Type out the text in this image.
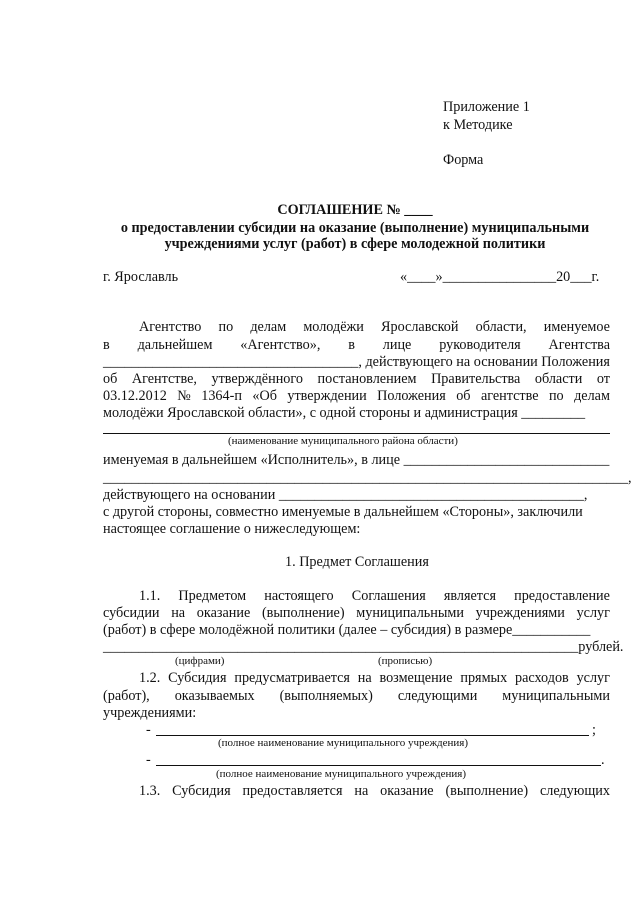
Приложение 1
к Методике
Форма
СОГЛАШЕНИЕ № ____
о предоставлении субсидии на оказание (выполнение) муниципальными
учреждениями услуг (работ) в сфере молодежной политики
г. Ярославль	«____»________________20___г.
Агентство по делам молодёжи Ярославской области, именуемое
в дальнейшем «Агентство», в лице руководителя Агентства
____________________________________, действующего на основании Положения
об Агентстве, утверждённого постановлением Правительства области от
03.12.2012 № 1364-п «Об утверждении Положения об агентстве по делам
молодёжи Ярославской области», с одной стороны и администрация _________
(наименование муниципального района области)
именуемая в дальнейшем «Исполнитель», в лице _____________________________
__________________________________________________________________________,
действующего на основании ___________________________________________,
с другой стороны, совместно именуемые в дальнейшем «Стороны», заключили
настоящее соглашение о нижеследующем:
1. Предмет Соглашения
1.1. Предметом настоящего Соглашения является предоставление
субсидии на оказание (выполнение) муниципальными учреждениями услуг
(работ) в сфере молодёжной политики (далее – субсидия) в размере___________
___________________________________________________________________рублей.
(цифрами)	(прописью)
1.2. Субсидия предусматривается на возмещение прямых расходов услуг
(работ), оказываемых (выполняемых) следующими муниципальными
учреждениями:
-	;
(полное наименование муниципального учреждения)
-	.
(полное наименование муниципального учреждения)
1.3. Субсидия предоставляется на оказание (выполнение) следующих
